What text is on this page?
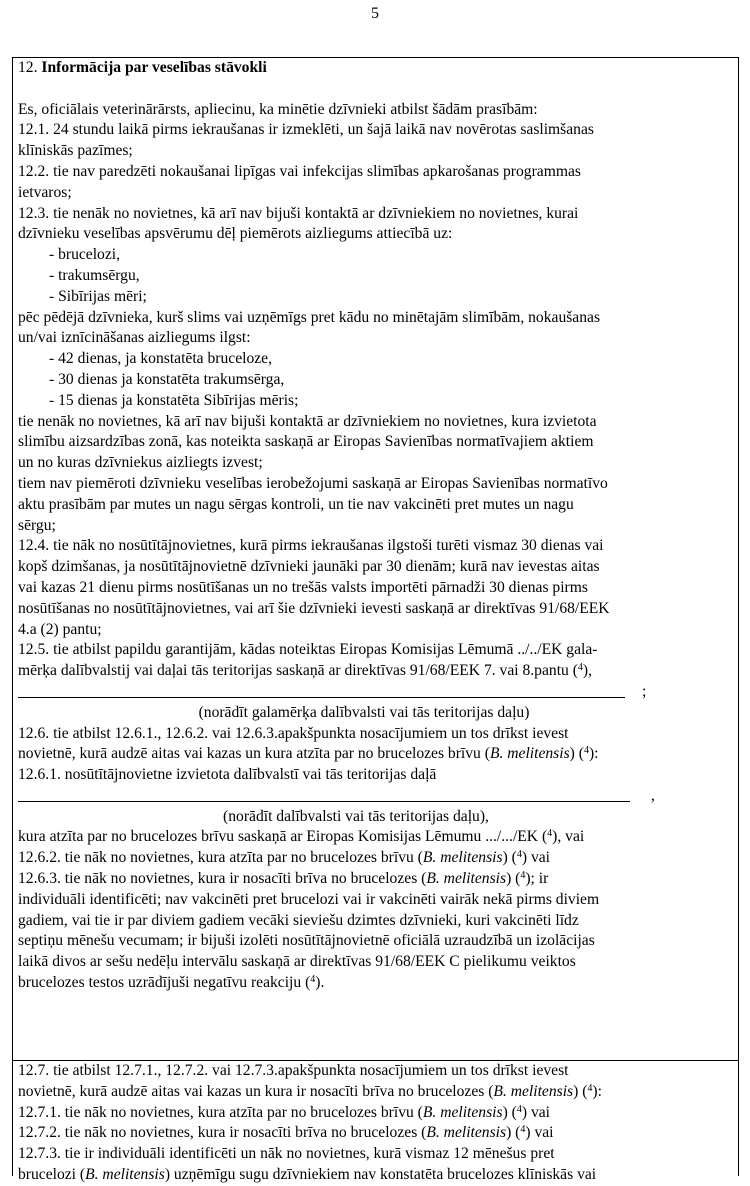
5
12. Informācija par veselības stāvokli
Es, oficiālais veterinārārsts, apliecinu, ka minētie dzīvnieki atbilst šādām prasībām:
12.1. 24 stundu laikā pirms iekraušanas ir izmeklēti, un šajā laikā nav novērotas saslimšanas
klīniskās pazīmes;
12.2. tie nav paredzēti nokaušanai lipīgas vai infekcijas slimības apkarošanas programmas
ietvaros;
12.3. tie nenāk no novietnes, kā arī nav bijuši kontaktā ar dzīvniekiem no novietnes, kurai
dzīvnieku veselības apsvērumu dēļ piemērots aizliegums attiecībā uz:
- brucelozi,
- trakumsērgu,
- Sibīrijas mēri;
pēc pēdējā dzīvnieka, kurš slims vai uzņēmīgs pret kādu no minētajām slimībām, nokaušanas
un/vai iznīcināšanas aizliegums ilgst:
- 42 dienas, ja konstatēta bruceloze,
- 30 dienas ja konstatēta trakumsērga,
- 15 dienas ja konstatēta Sibīrijas mēris;
tie nenāk no novietnes, kā arī nav bijuši kontaktā ar dzīvniekiem no novietnes, kura izvietota
slimību aizsardzības zonā, kas noteikta saskaņā ar Eiropas Savienības normatīvajiem aktiem
un no kuras dzīvniekus aizliegts izvest;
tiem nav piemēroti dzīvnieku veselības ierobežojumi saskaņā ar Eiropas Savienības normatīvo
aktu prasībām par mutes un nagu sērgas kontroli, un tie nav vakcinēti pret mutes un nagu
sērgu;
12.4. tie nāk no nosūtītājnovietnes, kurā pirms iekraušanas ilgstoši turēti vismaz 30 dienas vai
kopš dzimšanas, ja nosūtītājnovietnē dzīvnieki jaunāki par 30 dienām; kurā nav ievestas aitas
vai kazas 21 dienu pirms nosūtīšanas un no trešās valsts importēti pārnadži 30 dienas pirms
nosūtīšanas no nosūtītājnovietnes, vai arī šie dzīvnieki ievesti saskaņā ar direktīvas 91/68/EEK
4.a (2) pantu;
12.5. tie atbilst papildu garantijām, kādas noteiktas Eiropas Komisijas Lēmumā ../../EK gala-
mērķa dalībvalstij vai daļai tās teritorijas saskaņā ar direktīvas 91/68/EEK 7. vai 8.pantu ($^4$),
;
(norādīt galamērķa dalībvalsti vai tās teritorijas daļu)
12.6. tie atbilst 12.6.1., 12.6.2. vai 12.6.3.apakšpunkta nosacījumiem un tos drīkst ievest
novietnē, kurā audzē aitas vai kazas un kura atzīta par no brucelozes brīvu (B. melitensis) ($^4$):
12.6.1. nosūtītājnovietne izvietota dalībvalstī vai tās teritorijas daļā
,
(norādīt dalībvalsti vai tās teritorijas daļu),
kura atzīta par no brucelozes brīvu saskaņā ar Eiropas Komisijas Lēmumu .../.../EK ($^4$), vai
12.6.2. tie nāk no novietnes, kura atzīta par no brucelozes brīvu (B. melitensis) ($^4$) vai
12.6.3. tie nāk no novietnes, kura ir nosacīti brīva no brucelozes (B. melitensis) ($^4$); ir
individuāli identificēti; nav vakcinēti pret brucelozi vai ir vakcinēti vairāk nekā pirms diviem
gadiem, vai tie ir par diviem gadiem vecāki sieviešu dzimtes dzīvnieki, kuri vakcinēti līdz
septiņu mēnešu vecumam; ir bijuši izolēti nosūtītājnovietnē oficiālā uzraudzībā un izolācijas
laikā divos ar sešu nedēļu intervālu saskaņā ar direktīvas 91/68/EEK C pielikumu veiktos
brucelozes testos uzrādījuši negatīvu reakciju ($^4$).
12.7. tie atbilst 12.7.1., 12.7.2. vai 12.7.3.apakšpunkta nosacījumiem un tos drīkst ievest
novietnē, kurā audzē aitas vai kazas un kura ir nosacīti brīva no brucelozes (B. melitensis) ($^4$):
12.7.1. tie nāk no novietnes, kura atzīta par no brucelozes brīvu (B. melitensis) ($^4$) vai
12.7.2. tie nāk no novietnes, kura ir nosacīti brīva no brucelozes (B. melitensis) ($^4$) vai
12.7.3. tie ir individuāli identificēti un nāk no novietnes, kurā vismaz 12 mēnešus pret
brucelozi (B. melitensis) uzņēmīgu sugu dzīvniekiem nav konstatēta brucelozes klīniskās vai
